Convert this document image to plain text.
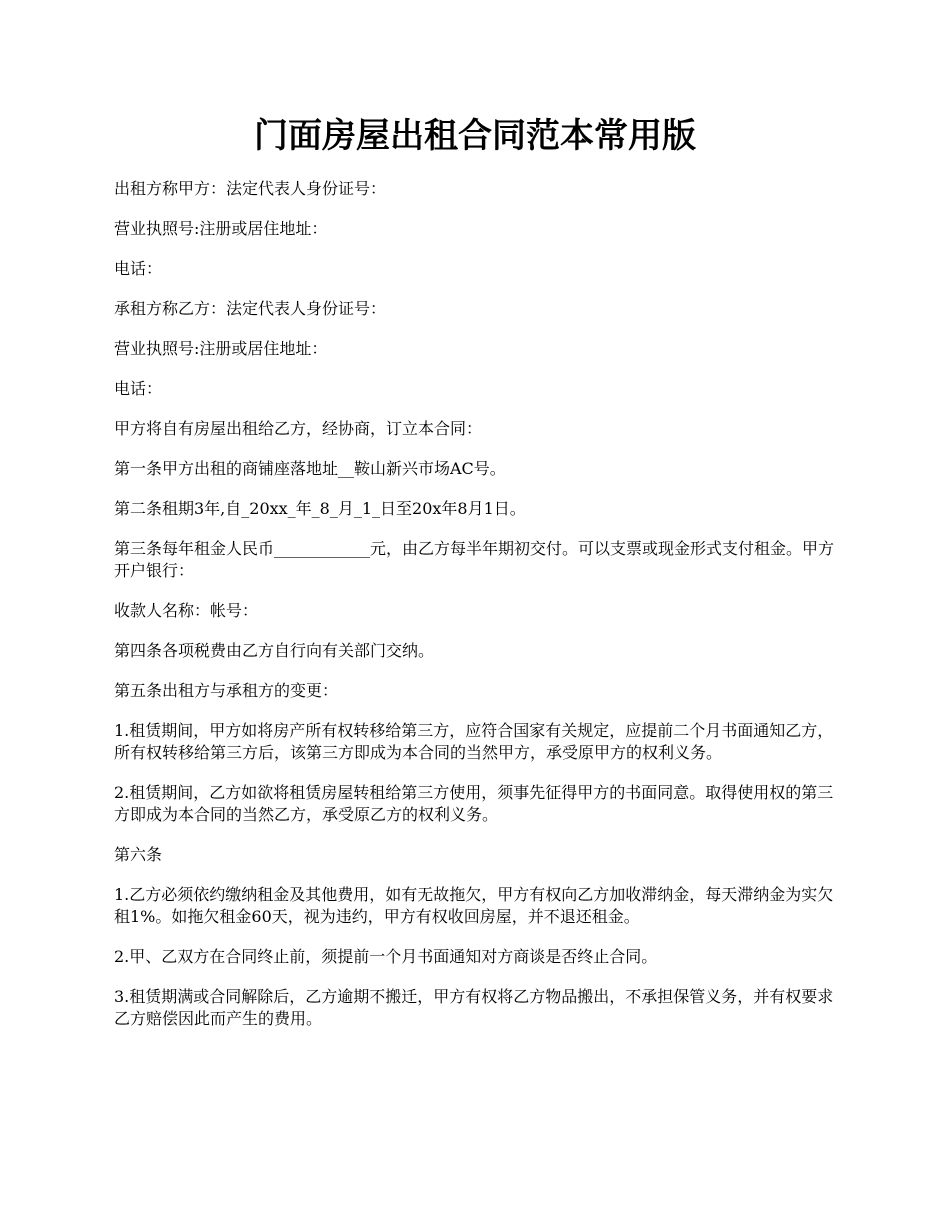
门面房屋出租合同范本常用版

出租方称甲方：法定代表人身份证号：

营业执照号:注册或居住地址：

电话：

承租方称乙方：法定代表人身份证号：

营业执照号:注册或居住地址：

电话：

甲方将自有房屋出租给乙方，经协商，订立本合同：

第一条甲方出租的商铺座落地址__鞍山新兴市场AC号。

第二条租期3年,自_20xx_年_8_月_1_日至20x年8月1日。

第三条每年租金人民币____________元，由乙方每半年期初交付。可以支票或现金形式支付租金。甲方开户银行：

收款人名称：帐号：

第四条各项税费由乙方自行向有关部门交纳。

第五条出租方与承租方的变更：

1.租赁期间，甲方如将房产所有权转移给第三方，应符合国家有关规定，应提前二个月书面通知乙方，所有权转移给第三方后，该第三方即成为本合同的当然甲方，承受原甲方的权利义务。

2.租赁期间，乙方如欲将租赁房屋转租给第三方使用，须事先征得甲方的书面同意。取得使用权的第三方即成为本合同的当然乙方，承受原乙方的权利义务。

第六条

1.乙方必须依约缴纳租金及其他费用，如有无故拖欠，甲方有权向乙方加收滞纳金，每天滞纳金为实欠租1%。如拖欠租金60天，视为违约，甲方有权收回房屋，并不退还租金。

2.甲、乙双方在合同终止前，须提前一个月书面通知对方商谈是否终止合同。

3.租赁期满或合同解除后，乙方逾期不搬迁，甲方有权将乙方物品搬出，不承担保管义务，并有权要求乙方赔偿因此而产生的费用。
